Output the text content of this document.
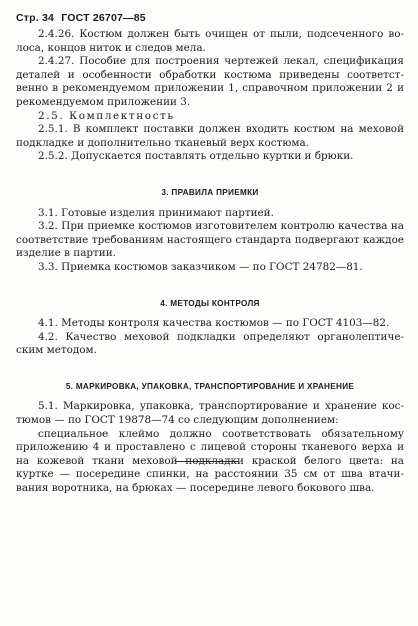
Стр. 34 ГОСТ 26707—85

2.4.26. Костюм должен быть очищен от пыли, подсеченного волоса, концов ниток и следов мела.

2.4.27. Пособие для построения чертежей лекал, спецификация деталей и особенности обработки костюма приведены соответственно в рекомендуемом приложении 1, справочном приложении 2 и рекомендуемом приложении 3.

2.5. Комплектность

2.5.1. В комплект поставки должен входить костюм на меховой подкладке и дополнительно тканевый верх костюма.

2.5.2. Допускается поставлять отдельно куртки и брюки.

3. ПРАВИЛА ПРИЕМКИ

3.1. Готовые изделия принимают партией.

3.2. При приемке костюмов изготовителем контролю качества на соответствие требованиям настоящего стандарта подвергают каждое изделие в партии.

3.3. Приемка костюмов заказчиком — по ГОСТ 24782—81.

4. МЕТОДЫ КОНТРОЛЯ

4.1. Методы контроля качества костюмов — по ГОСТ 4103—82.

4.2. Качество меховой подкладки определяют органолептическим методом.

5. МАРКИРОВКА, УПАКОВКА, ТРАНСПОРТИРОВАНИЕ И ХРАНЕНИЕ

5.1. Маркировка, упаковка, транспортирование и хранение костюмов — по ГОСТ 19878—74 со следующим дополнением:

специальное клеймо должно соответствовать обязательному приложению 4 и проставлено с лицевой стороны тканевого верха и на кожевой ткани меховой подкладки краской белого цвета: на куртке — посередине спинки, на расстоянии 35 см от шва втачивания воротника, на брюках — посередине левого бокового шва.
